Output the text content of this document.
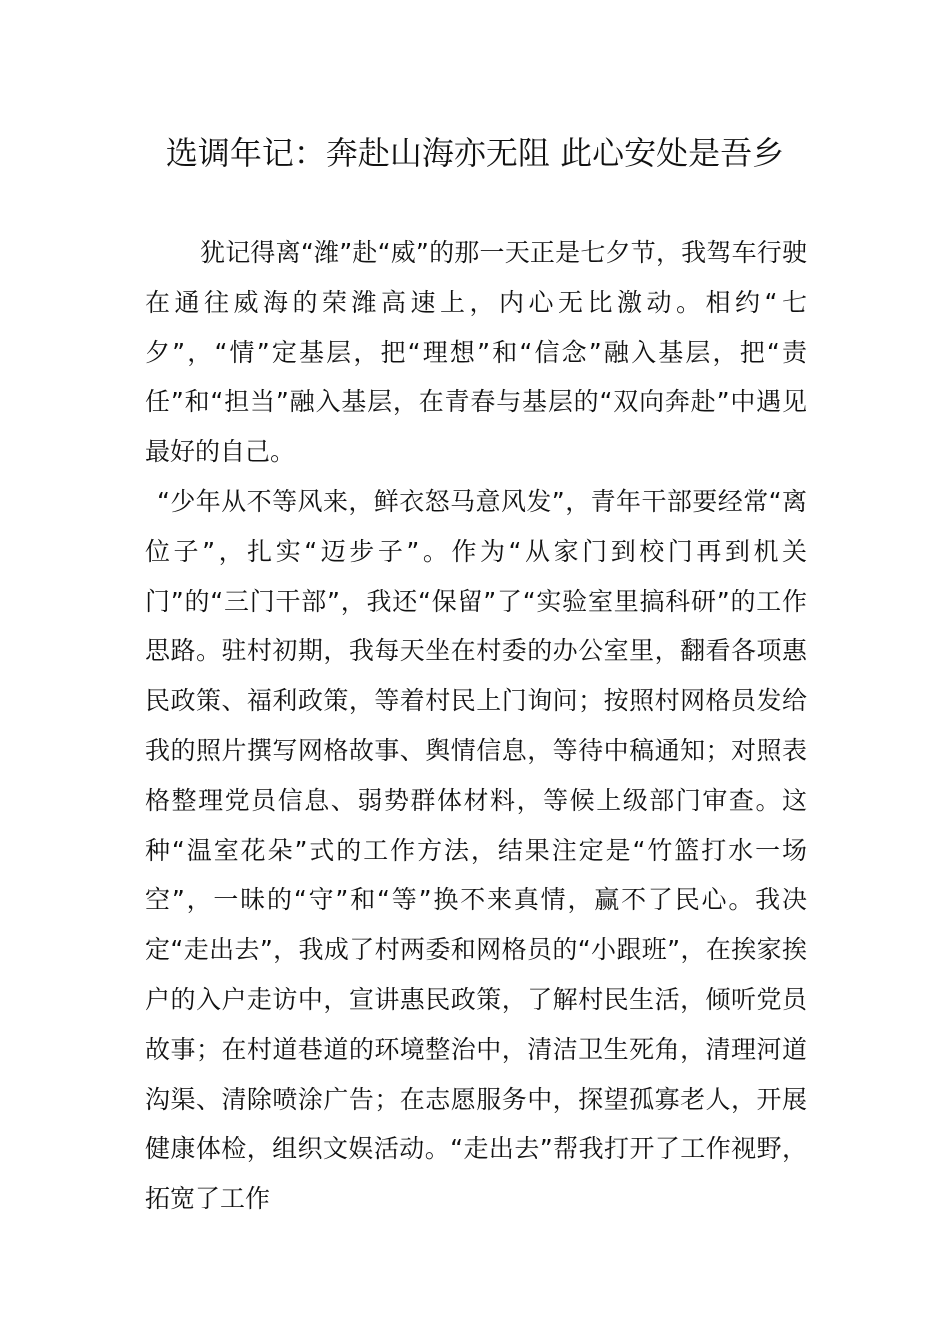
选调年记：奔赴山海亦无阻 此心安处是吾乡

犹记得离“潍”赴“威”的那一天正是七夕节，我驾车行驶在通往威海的荣潍高速上，内心无比激动。相约“七夕”，“情”定基层，把“理想”和“信念”融入基层，把“责任”和“担当”融入基层，在青春与基层的“双向奔赴”中遇见最好的自己。

“少年从不等风来，鲜衣怒马意风发”，青年干部要经常“离位子”，扎实“迈步子”。作为“从家门到校门再到机关门”的“三门干部”，我还“保留”了“实验室里搞科研”的工作思路。驻村初期，我每天坐在村委的办公室里，翻看各项惠民政策、福利政策，等着村民上门询问；按照村网格员发给我的照片撰写网格故事、舆情信息，等待中稿通知；对照表格整理党员信息、弱势群体材料，等候上级部门审查。这种“温室花朵”式的工作方法，结果注定是“竹篮打水一场空”，一昧的“守”和“等”换不来真情，赢不了民心。我决定“走出去”，我成了村两委和网格员的“小跟班”，在挨家挨户的入户走访中，宣讲惠民政策，了解村民生活，倾听党员故事；在村道巷道的环境整治中，清洁卫生死角，清理河道沟渠、清除喷涂广告；在志愿服务中，探望孤寡老人，开展健康体检，组织文娱活动。“走出去”帮我打开了工作视野，拓宽了工作
